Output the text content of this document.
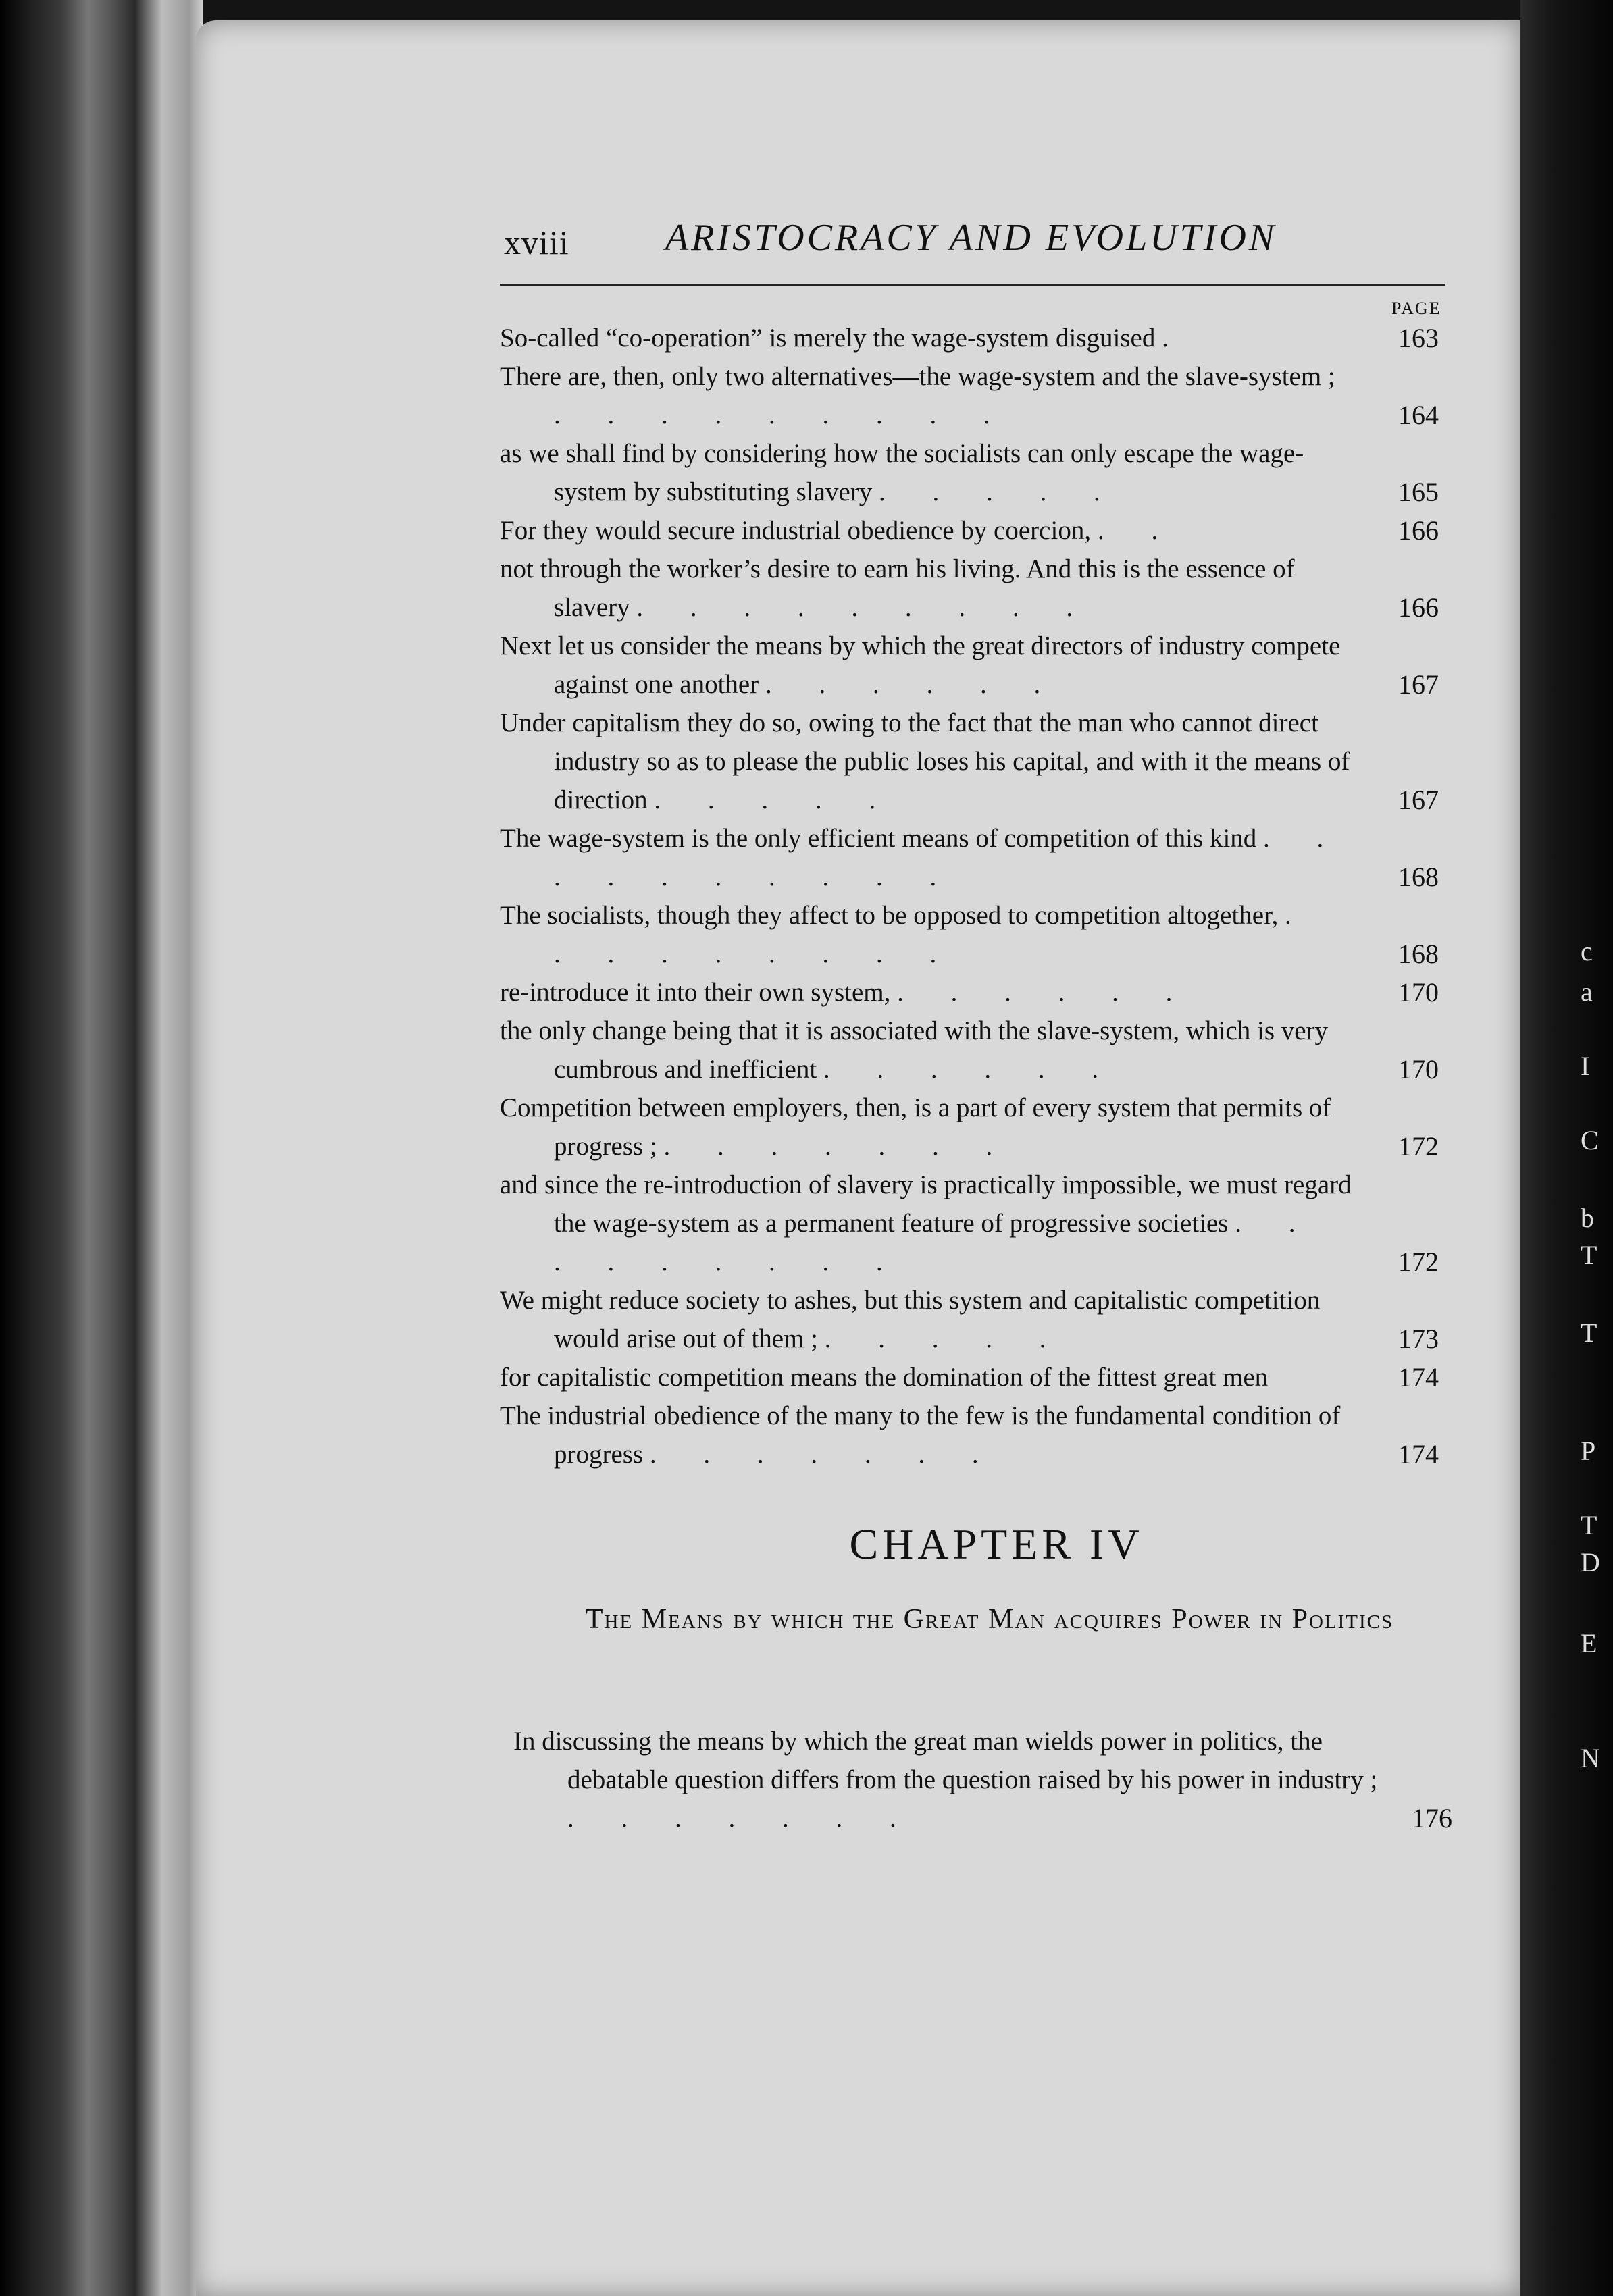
c
a
I
C
b
T
T
P
T
D
E
N
xviii	ARISTOCRACY AND EVOLUTION
PAGE
So-called “co-operation” is merely the wage-system disguised .	163
There are, then, only two alternatives—the wage-system and the slave-system ; . . . . . . . . .	164
as we shall find by considering how the socialists can only escape the wage-system by substituting slavery . . . . .	165
For they would secure industrial obedience by coercion, . .	166
not through the worker’s desire to earn his living. And this is the essence of slavery . . . . . . . . .	166
Next let us consider the means by which the great directors of industry compete against one another . . . . . .	167
Under capitalism they do so, owing to the fact that the man who cannot direct industry so as to please the public loses his capital, and with it the means of direction . . . . .	167
The wage-system is the only efficient means of competition of this kind . . . . . . . . . .	168
The socialists, though they affect to be opposed to competition altogether, . . . . . . . . .	168
re-introduce it into their own system, . . . . . .	170
the only change being that it is associated with the slave-system, which is very cumbrous and inefficient . . . . . .	170
Competition between employers, then, is a part of every system that permits of progress ; . . . . . . .	172
and since the re-introduction of slavery is practically impossible, we must regard the wage-system as a permanent feature of progressive societies . . . . . . . . .	172
We might reduce society to ashes, but this system and capitalistic competition would arise out of them ; . . . . .	173
for capitalistic competition means the domination of the fittest great men	174
The industrial obedience of the many to the few is the fundamental condition of progress . . . . . . .	174
CHAPTER IV
The Means by which the Great Man acquires Power in Politics
In discussing the means by which the great man wields power in politics, the debatable question differs from the question raised by his power in industry ; . . . . . . .	176
